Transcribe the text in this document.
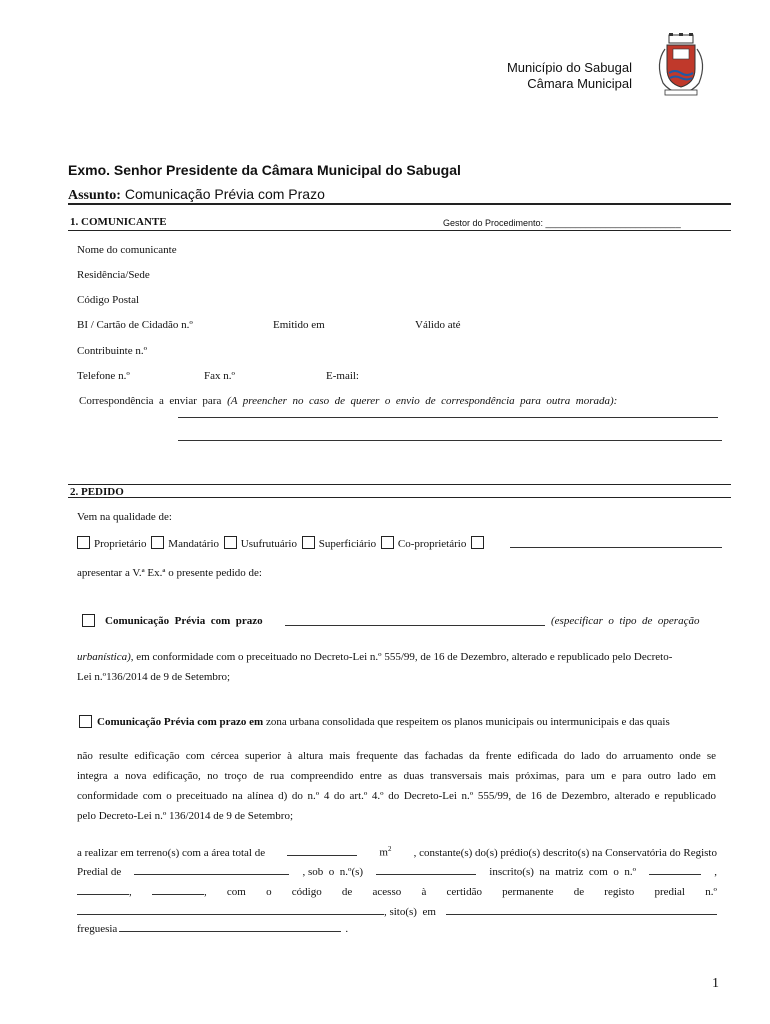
Município do Sabugal
Câmara Municipal
Exmo. Senhor Presidente da Câmara Municipal do Sabugal
Assunto: Comunicação Prévia com Prazo
1. COMUNICANTE	Gestor do Procedimento: ___________________________
Nome do comunicante
Residência/Sede
Código Postal
BI / Cartão de Cidadão n.º	Emitido em	Válido até
Contribuinte n.º
Telefone n.º	Fax n.º	E-mail:
Correspondência  a  enviar  para (A  preencher  no  caso  de  querer  o  envio  de  correspondência  para  outra  morada):
2. PEDIDO
Vem na qualidade de:
Proprietário Mandatário Usufrutuário Superficiário Co-proprietário
apresentar a V.ª Ex.ª o presente pedido de:
Comunicação  Prévia  com  prazo	(especificar  o  tipo  de  operação
urbanística), em conformidade com o preceituado no Decreto-Lei n.º 555/99, de 16 de Dezembro, alterado e republicado pelo Decreto-
Lei n.º136/2014 de 9 de Setembro;
Comunicação Prévia com prazo em zona urbana consolidada que respeitem os planos municipais ou intermunicipais e das quais
não resulte edificação com cércea superior à altura mais frequente das fachadas da frente edificada do lado do arruamento onde se
integra a nova edificação, no troço de rua compreendido entre as duas transversais mais próximas, para um e para outro lado em
conformidade com o preceituado na alínea d) do n.º 4 do art.º 4.º do Decreto-Lei n.º 555/99, de 16 de Dezembro, alterado e republicado
pelo Decreto-Lei n.º 136/2014 de 9 de Setembro;
a realizar em terreno(s) com a área total de	$m^2$ , constante(s) do(s) prédio(s) descrito(s) na Conservatória do Registo
Predial de	, sob  o  n.º(s)	inscrito(s)  na  matriz  com  o  n.º	,
,	, com o código de acesso à certidão permanente de registo predial n.º
, sito(s)  em
freguesia	.
1
